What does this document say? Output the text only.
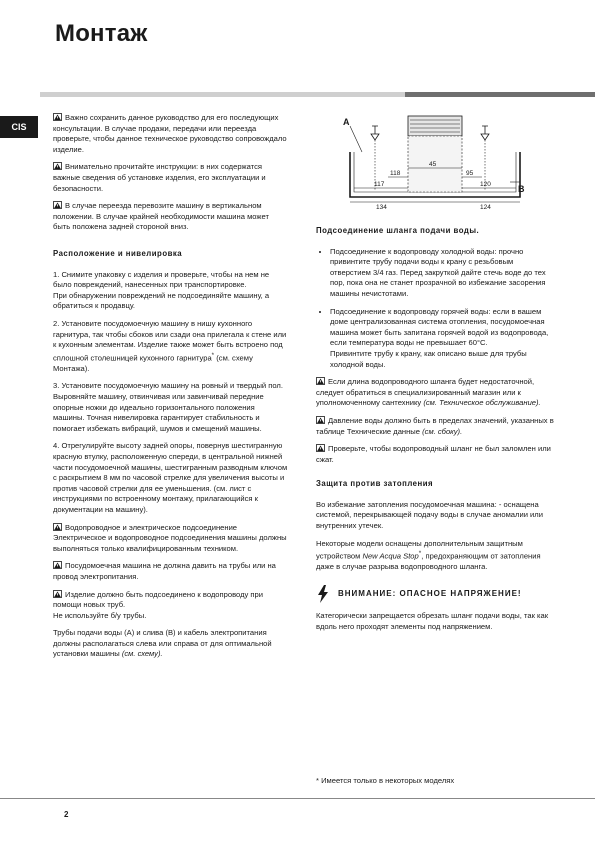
Монтаж
CIS

Важно сохранить данное руководство для его последующих консультации. В случае продажи, передачи или переезда проверьте, чтобы данное техническое руководство сопровождало изделие.

Внимательно прочитайте инструкции: в них содержатся важные сведения об установке изделия, его эксплуатации и безопасности.

В случае переезда перевозите машину в вертикальном положении. В случае крайней необходимости машина может быть положена задней стороной вниз.

Расположение и нивелировка

1. Снимите упаковку с изделия и проверьте, чтобы на нем не было повреждений, нанесенных при транспортировке.

При обнаружении повреждений не подсоединяйте машину, а обратиться к продавцу.

2. Установите посудомоечную машину в нишу кухонного гарнитура, так чтобы сбоков или сзади она прилегала к стене или к кухонным элементам. Изделие также может быть встроено под сплошной столешницей кухонного гарнитура* (см. схему Монтажа).

3. Установите посудомоечную машину на ровный и твердый пол. Выровняйте машину, отвинчивая или завинчивай передние опорные ножки до идеально горизонтального положения машины. Точная нивелировка гарантирует стабильность и помогает избежать вибраций, шумов и смещений машины.

4. Отрегулируйте высоту задней опоры, повернув шестигранную красную втулку, расположенную спереди, в центральной нижней части посудомоечной машины, шестигранным разводным ключом с раскрытием 8 мм по часовой стрелке для увеличения высоты и против часовой стрелки для ее уменьшения. (см. лист с инструкциями по встроенному монтажу, прилагающийся к документации на машину).

Водопроводное и электрическое подсоединение Электрическое и водопроводное подсоединения машины должны выполняться только квалифицированным техником.

Посудомоечная машина не должна давить на трубы или на провод электропитания.

Изделие должно быть подсоединено к водопроводу при помощи новых труб.

Не используйте б/у трубы.

Трубы подачи воды (А) и слива (В) и кабель электропитания должны располагаться слева или справа от для оптимальной установки машины (см. схему).

A
B
45
118	95
117	120
134	124
Подсоединение шланга подачи воды.
• Подсоединение к водопроводу холодной воды: прочно привинтите трубу подачи воды к крану с резьбовым отверстием 3/4 газ. Перед закруткой дайте стечь воде до тех пор, пока она не станет прозрачной во избежание засорения машины нечистотами.
• Подсоединение к водопроводу горячей воды: если в вашем доме централизованная система отопления, посудомоечная машина может быть запитана горячей водой из водопровода, если температура воды не превышает 60°С.
Привинтите трубу к крану, как описано выше для трубы холодной воды.

Если длина водопроводного шланга будет недостаточной, следует обратиться в специализированный магазин или к уполномоченному сантехнику (см. Техническое обслуживание).

Давление воды должно быть в пределах значений, указанных в таблице Технические данные (см. сбоку).

Проверьте, чтобы водопроводный шланг не был заломлен или сжат.

Защита против затопления

Во избежание затопления посудомоечная машина: - оснащена системой, перекрывающей подачу воды в случае аномалии или внутренних утечек.

Некоторые модели оснащены дополнительным защитным устройством New Acqua Stop*, предохраняющим от затопления даже в случае разрыва водопроводного шланга.

ВНИМАНИЕ: ОПАСНОЕ НАПРЯЖЕНИЕ!

Категорически запрещается обрезать шланг подачи воды, так как вдоль него проходят элементы под напряжением.

* Имеется только в некоторых моделях
2
